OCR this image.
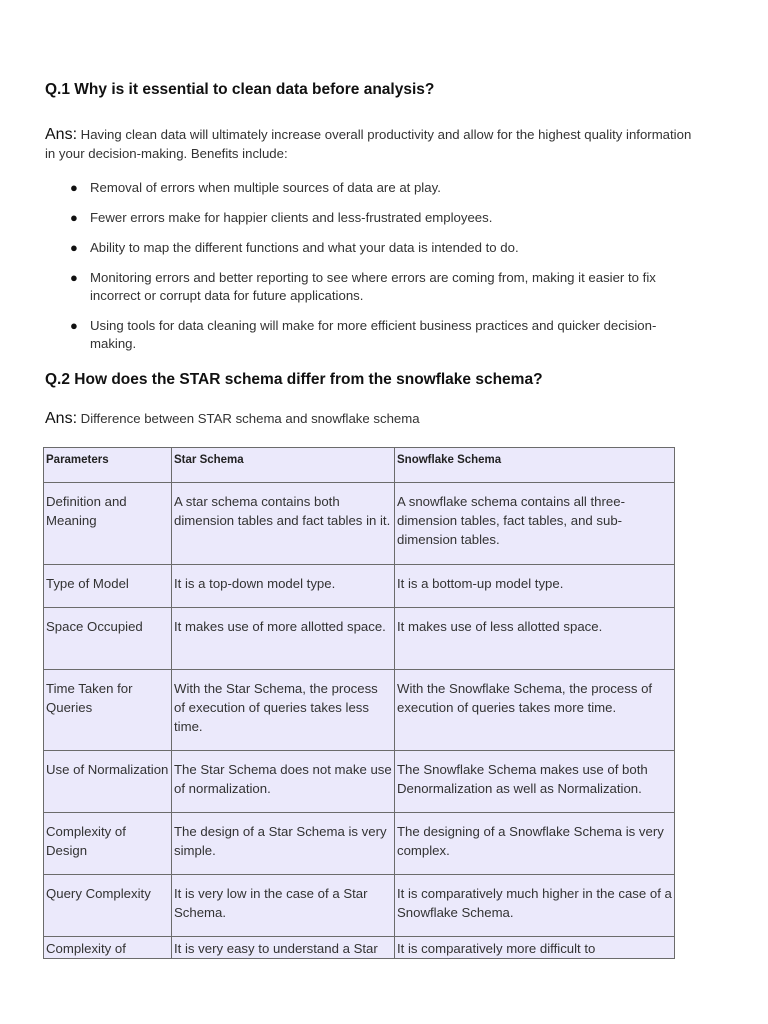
Q.1 Why is it essential to clean data before analysis?
Ans: Having clean data will ultimately increase overall productivity and allow for the highest quality information in your decision-making. Benefits include:
● Removal of errors when multiple sources of data are at play.
● Fewer errors make for happier clients and less-frustrated employees.
● Ability to map the different functions and what your data is intended to do.
● Monitoring errors and better reporting to see where errors are coming from, making it easier to fix incorrect or corrupt data for future applications.
● Using tools for data cleaning will make for more efficient business practices and quicker decision-making.
Q.2 How does the STAR schema differ from the snowflake schema?
Ans: Difference between STAR schema and snowflake schema
Parameters	Star Schema	Snowflake Schema
Definition and Meaning	A star schema contains both dimension tables and fact tables in it.	A snowflake schema contains all three-dimension tables, fact tables, and sub-dimension tables.
Type of Model	It is a top-down model type.	It is a bottom-up model type.
Space Occupied	It makes use of more allotted space.	It makes use of less allotted space.
Time Taken for Queries	With the Star Schema, the process of execution of queries takes less time.	With the Snowflake Schema, the process of execution of queries takes more time.
Use of Normalization	The Star Schema does not make use of normalization.	The Snowflake Schema makes use of both Denormalization as well as Normalization.
Complexity of Design	The design of a Star Schema is very simple.	The designing of a Snowflake Schema is very complex.
Query Complexity	It is very low in the case of a Star Schema.	It is comparatively much higher in the case of a Snowflake Schema.
Complexity of	It is very easy to understand a Star	It is comparatively more difficult to
